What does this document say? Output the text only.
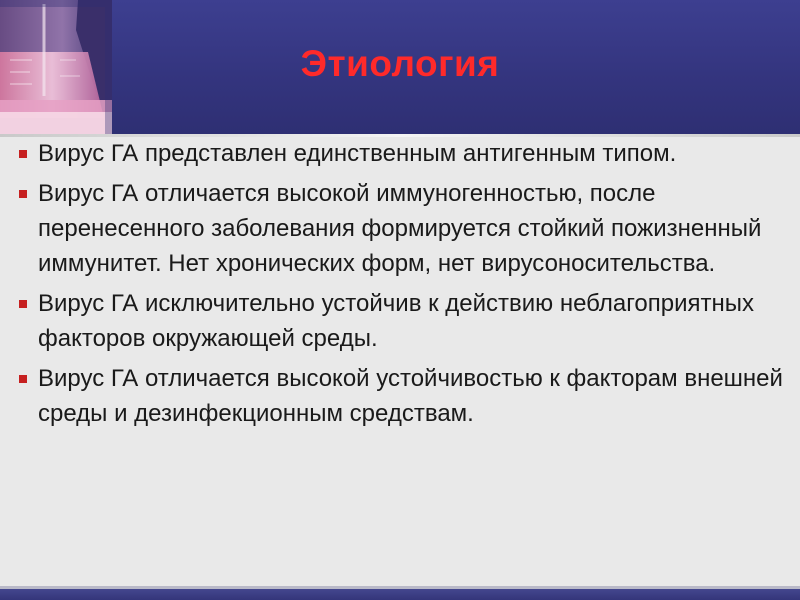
Этиология
Вирус ГА представлен единственным антигенным типом.
Вирус ГА отличается высокой иммуногенностью, после перенесенного заболевания формируется стойкий пожизненный иммунитет. Нет хронических форм, нет вирусоносительства.
Вирус ГА исключительно устойчив к действию неблагоприятных факторов окружающей среды.
Вирус ГА отличается высокой устойчивостью к факторам внешней среды и дезинфекционным средствам.
